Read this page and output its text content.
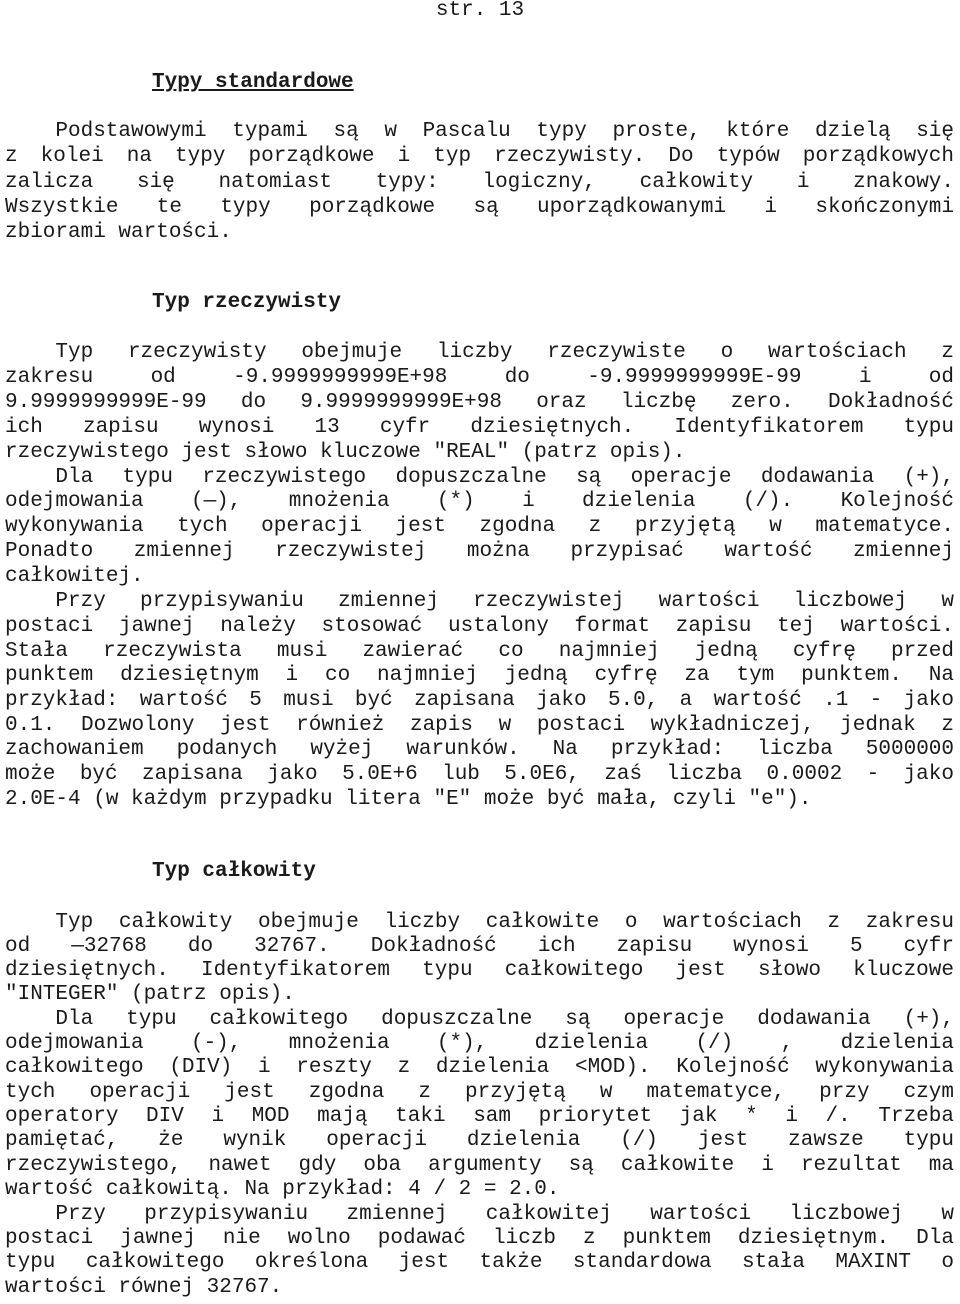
str. 13
Typy standardowe
Podstawowymi typami są w Pascalu typy proste, które dzielą się
z kolei na typy porządkowe i typ rzeczywisty. Do typów porządkowych
zalicza się natomiast typy: logiczny, całkowity i znakowy.
Wszystkie te typy porządkowe są uporządkowanymi i skończonymi
zbiorami wartości.
Typ rzeczywisty
Typ rzeczywisty obejmuje liczby rzeczywiste o wartościach z
zakresu od -9.9999999999E+98 do -9.9999999999E-99 i od
9.9999999999E-99 do 9.9999999999E+98 oraz liczbę zero. Dokładność
ich zapisu wynosi 13 cyfr dziesiętnych. Identyfikatorem typu
rzeczywistego jest słowo kluczowe "REAL" (patrz opis).
Dla typu rzeczywistego dopuszczalne są operacje dodawania (+),
odejmowania (—), mnożenia (*) i dzielenia (/). Kolejność
wykonywania tych operacji jest zgodna z przyjętą w matematyce.
Ponadto zmiennej rzeczywistej można przypisać wartość zmiennej
całkowitej.
Przy przypisywaniu zmiennej rzeczywistej wartości liczbowej w
postaci jawnej należy stosować ustalony format zapisu tej wartości.
Stała rzeczywista musi zawierać co najmniej jedną cyfrę przed
punktem dziesiętnym i co najmniej jedną cyfrę za tym punktem. Na
przykład: wartość 5 musi być zapisana jako 5.0, a wartość .1 - jako
0.1. Dozwolony jest również zapis w postaci wykładniczej, jednak z
zachowaniem podanych wyżej warunków. Na przykład: liczba 5000000
może być zapisana jako 5.0E+6 lub 5.0E6, zaś liczba 0.0002 - jako
2.0E-4 (w każdym przypadku litera "E" może być mała, czyli "e").
Typ całkowity
Typ całkowity obejmuje liczby całkowite o wartościach z zakresu
od —32768 do 32767. Dokładność ich zapisu wynosi 5 cyfr
dziesiętnych. Identyfikatorem typu całkowitego jest słowo kluczowe
"INTEGER" (patrz opis).
Dla typu całkowitego dopuszczalne są operacje dodawania (+),
odejmowania (-), mnożenia (*), dzielenia (/) , dzielenia
całkowitego (DIV) i reszty z dzielenia <MOD). Kolejność wykonywania
tych operacji jest zgodna z przyjętą w matematyce, przy czym
operatory DIV i MOD mają taki sam priorytet jak * i /. Trzeba
pamiętać, że wynik operacji dzielenia (/) jest zawsze typu
rzeczywistego, nawet gdy oba argumenty są całkowite i rezultat ma
wartość całkowitą. Na przykład: 4 / 2 = 2.0.
Przy przypisywaniu zmiennej całkowitej wartości liczbowej w
postaci jawnej nie wolno podawać liczb z punktem dziesiętnym. Dla
typu całkowitego określona jest także standardowa stała MAXINT o
wartości równej 32767.
